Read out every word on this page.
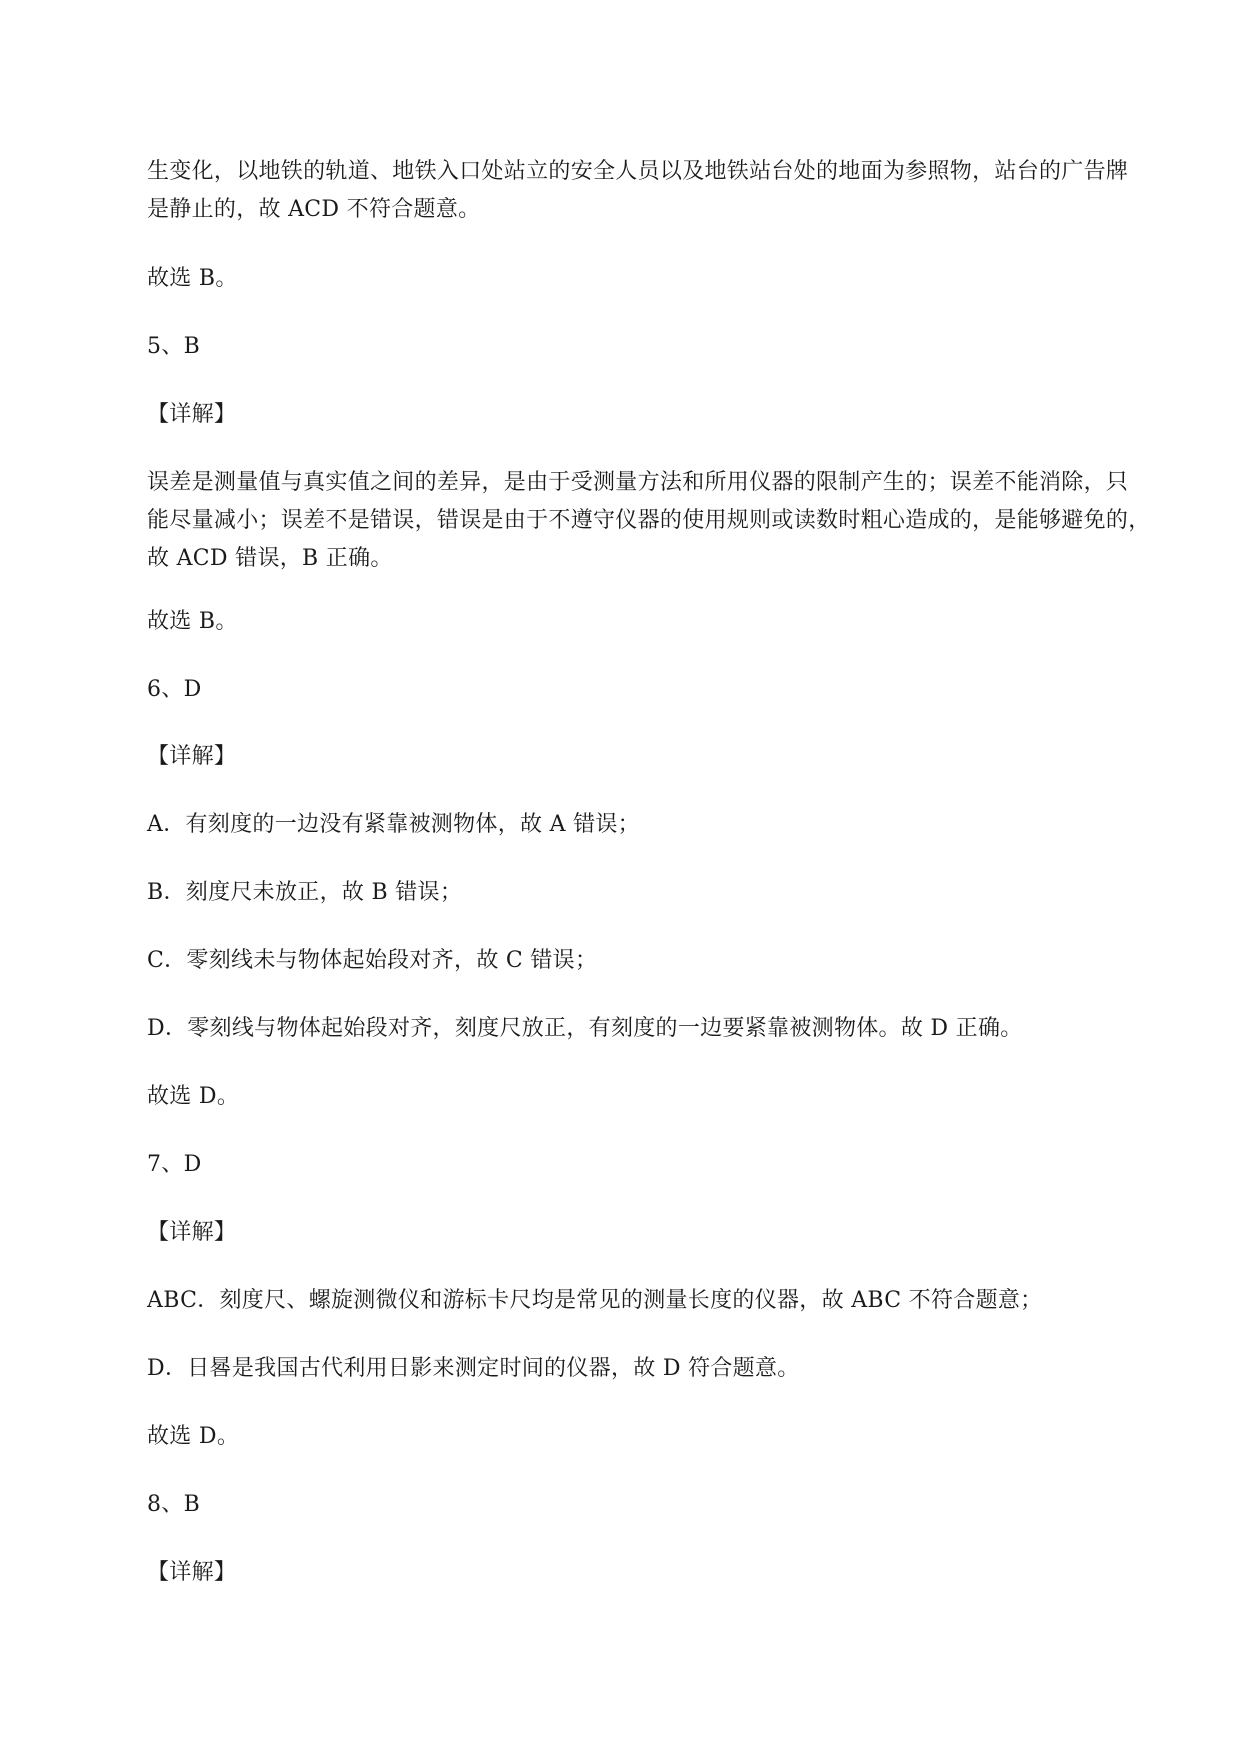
生变化，以地铁的轨道、地铁入口处站立的安全人员以及地铁站台处的地面为参照物，站台的广告牌
是静止的，故 ACD 不符合题意。
故选 B。
5、B
【详解】
误差是测量值与真实值之间的差异，是由于受测量方法和所用仪器的限制产生的；误差不能消除，只
能尽量减小；误差不是错误，错误是由于不遵守仪器的使用规则或读数时粗心造成的，是能够避免的，
故 ACD 错误，B 正确。
故选 B。
6、D
【详解】
A．有刻度的一边没有紧靠被测物体，故 A 错误；
B．刻度尺未放正，故 B 错误；
C．零刻线未与物体起始段对齐，故 C 错误；
D．零刻线与物体起始段对齐，刻度尺放正，有刻度的一边要紧靠被测物体。故 D 正确。
故选 D。
7、D
【详解】
ABC．刻度尺、螺旋测微仪和游标卡尺均是常见的测量长度的仪器，故 ABC 不符合题意；
D．日晷是我国古代利用日影来测定时间的仪器，故 D 符合题意。
故选 D。
8、B
【详解】
